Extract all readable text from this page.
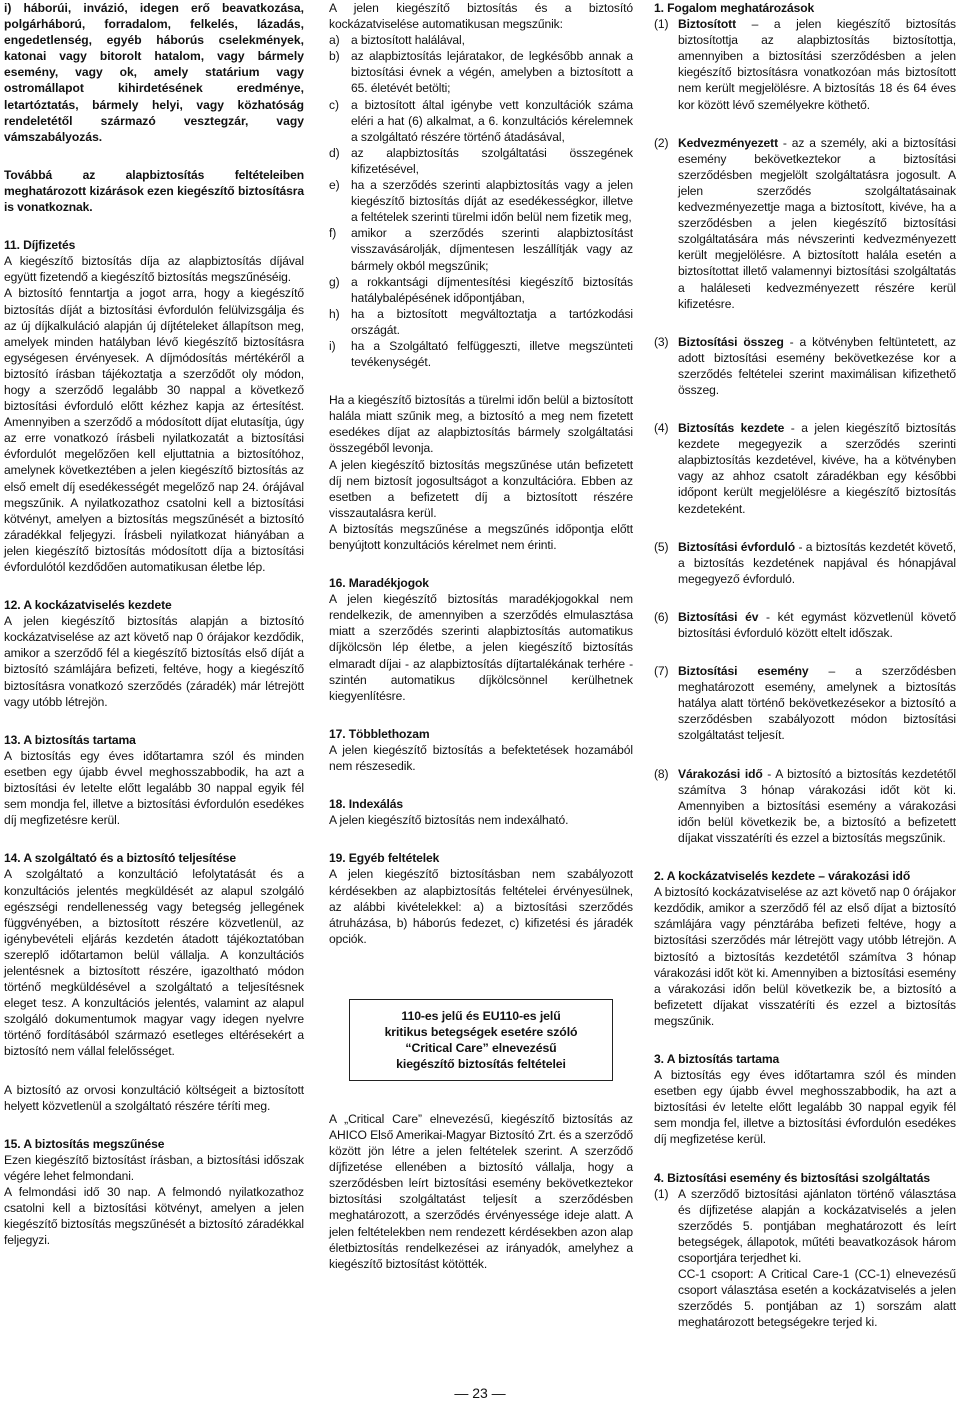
i) háborúi, invázió, idegen erő beavatkozása, polgárháború, forradalom, felkelés, lázadás, engedetlenség, egyéb háborús cselekmények, katonai vagy bitorolt hatalom, vagy bármely esemény, vagy ok, amely statárium vagy ostromállapot kihirdetésének eredménye, letartóztatás, bármely helyi, vagy közhatóság rendeletétől származó vesztegzár, vagy vámszabályozás.

Továbbá az alapbiztosítás feltételeiben meghatározott kizárások ezen kiegészítő biztosításra is vonatkoznak.

11. Díjfizetés

A kiegészítő biztosítás díja az alapbiztosítás díjával együtt fizetendő a kiegészítő biztosítás megszűnéséig.

A biztosító fenntartja a jogot arra, hogy a kiegészítő biztosítás díját a biztosítási évfordulón felülvizsgálja és az új díjkalkuláció alapján új díjtételeket állapítson meg, amelyek minden hatályban lévő kiegészítő biztosításra egységesen érvényesek. A díjmódosítás mértékéről a biztosító írásban tájékoztatja a szerződőt oly módon, hogy a szerződő legalább 30 nappal a következő biztosítási évforduló előtt kézhez kapja az értesítést. Amennyiben a szerződő a módosított díjat elutasítja, úgy az erre vonatkozó írásbeli nyilatkozatát a biztosítási évfordulót megelőzően kell eljuttatnia a biztosítóhoz, amelynek következtében a jelen kiegészítő biztosítás az első emelt díj esedékességét megelőző nap 24. órájával megszűnik. A nyilatkozathoz csatolni kell a biztosítási kötvényt, amelyen a biztosítás megszűnését a biztosító záradékkal feljegyzi. Írásbeli nyilatkozat hiányában a jelen kiegészítő biztosítás módosított díja a biztosítási évfordulótól kezdődően automatikusan életbe lép.

12. A kockázatviselés kezdete

A jelen kiegészítő biztosítás alapján a biztosító kockázatviselése az azt követő nap 0 órájakor kezdődik, amikor a szerződő fél a kiegészítő biztosítás első díját a biztosító számlájára befizeti, feltéve, hogy a kiegészítő biztosításra vonatkozó szerződés (záradék) már létrejött vagy utóbb létrejön.

13. A biztosítás tartama

A biztosítás egy éves időtartamra szól és minden esetben egy újabb évvel meghosszabbodik, ha azt a biztosítási év letelte előtt legalább 30 nappal egyik fél sem mondja fel, illetve a biztosítási évfordulón esedékes díj megfizetésre kerül.

14. A szolgáltató és a biztosító teljesítése

A szolgáltató a konzultáció lefolytatását és a konzultációs jelentés megküldését az alapul szolgáló egészségi rendellenesség vagy betegség jellegének függvényében, a biztosított részére közvetlenül, az igénybevételi eljárás kezdetén átadott tájékoztatóban szereplő időtartamon belül vállalja. A konzultációs jelentésnek a biztosított részére, igazoltható módon történő megküldésével a szolgáltató a teljesítésnek eleget tesz. A konzultációs jelentés, valamint az alapul szolgáló dokumentumok magyar vagy idegen nyelvre történő fordításából származó esetleges eltérésekért a biztosító nem vállal felelősséget.

A biztosító az orvosi konzultáció költségeit a biztosított helyett közvetlenül a szolgáltató részére téríti meg.

15. A biztosítás megszűnése

Ezen kiegészítő biztosítást írásban, a biztosítási időszak végére lehet felmondani.

A felmondási idő 30 nap. A felmondó nyilatkozathoz csatolni kell a biztosítási kötvényt, amelyen a jelen kiegészítő biztosítás megszűnését a biztosító záradékkal feljegyzi.

A jelen kiegészítő biztosítás és a biztosító kockázatviselése automatikusan megszűnik:

a) a biztosított halálával,
b) az alapbiztosítás lejáratakor, de legkésőbb annak a biztosítási évnek a végén, amelyben a biztosított a 65. életévét betölti;
c)	a biztosított által igénybe vett konzultációk száma eléri a hat (6) alkalmat, a 6. konzultációs kérelemnek a szolgáltató részére történő átadásával,
d) az alapbiztosítás szolgáltatási összegének kifizetésével,
e) ha a szerződés szerinti alapbiztosítás vagy a jelen kiegészítő biztosítás díját az esedékességkor, illetve a feltételek szerinti türelmi időn belül nem fizetik meg,
f)	amikor a szerződés szerinti alapbiztosítást visszavásárolják, díjmentesen leszállítják vagy az bármely okból megszűnik;
g) a rokkantsági díjmentesítési kiegészítő biztosítás hatálybalépésének időpontjában,
h) ha a biztosított megváltoztatja a tartózkodási országát.
i)	ha a Szolgáltató felfüggeszti, illetve megszünteti tevékenységét.

Ha a kiegészítő biztosítás a türelmi időn belül a biztosított halála miatt szűnik meg, a biztosító a meg nem fizetett esedékes díjat az alapbiztosítás bármely szolgáltatási összegéből levonja.

A jelen kiegészítő biztosítás megszűnése után befizetett díj nem biztosít jogosultságot a konzultációra. Ebben az esetben a befizetett díj a biztosított részére visszautalásra kerül.

A biztosítás megszűnése a megszűnés időpontja előtt benyújtott konzultációs kérelmet nem érinti.

16. Maradékjogok

A jelen kiegészítő biztosítás maradékjogokkal nem rendelkezik, de amennyiben a szerződés elmulasztása miatt a szerződés szerinti alapbiztosítás automatikus díjkölcsön lép életbe, a jelen kiegészítő biztosítás elmaradt díjai - az alapbiztosítás díjtartalékának terhére - szintén automatikus díjkölcsönnel kerülhetnek kiegyenlítésre.

17. Többlethozam

A jelen kiegészítő biztosítás a befektetések hozamából nem részesedik.

18. Indexálás

A jelen kiegészítő biztosítás nem indexálható.

19. Egyéb feltételek

A jelen kiegészítő biztosításban nem szabályozott kérdésekben az alapbiztosítás feltételei érvényesülnek, az alábbi kivételekkel: a) a biztosítási szerződés átruházása, b) háborús fedezet, c) kifizetési és járadék opciók.

110-es jelű és EU110-es jelű
kritikus betegségek esetére szóló
“Critical Care” elnevezésű
kiegészítő biztosítás feltételei

A „Critical Care” elnevezésű, kiegészítő biztosítás az AHICO Első Amerikai-Magyar Biztosító Zrt. és a szerződő között jön létre a jelen feltételek szerint. A szerződő díjfizetése ellenében a biztosító vállalja, hogy a szerződésben leírt biztosítási esemény bekövetkeztekor biztosítási szolgáltatást teljesít a szerződésben meghatározott, a szerződés érvényessége ideje alatt. A jelen feltételekben nem rendezett kérdésekben azon alap életbiztosítás rendelkezései az irányadók, amelyhez a kiegészítő biztosítást kötötték.

1. Fogalom meghatározások

(1) Biztosított – a jelen kiegészítő biztosítás biztosítottja az alapbiztosítás biztosítottja, amennyiben a biztosítási szerződésben a jelen kiegészítő biztosításra vonatkozóan más biztosított nem került megjelölésre. A biztosítás 18 és 64 éves kor között lévő személyekre köthető.
(2) Kedvezményezett - az a személy, aki a biztosítási esemény bekövetkeztekor a biztosítási szerződésben megjelölt szolgáltatásra jogosult. A jelen szerződés szolgáltatásainak kedvezményezettje maga a biztosított, kivéve, ha a szerződésben a jelen kiegészítő biztosítási szolgáltatására más névszerinti kedvezményezett került megjelölésre. A biztosított halála esetén a biztosítottat illető valamennyi biztosítási szolgáltatás a haláleseti kedvezményezett részére kerül kifizetésre.
(3) Biztosítási összeg - a kötvényben feltüntetett, az adott biztosítási esemény bekövetkezése kor a szerződés feltételei szerint maximálisan kifizethető összeg.
(4) Biztosítás kezdete - a jelen kiegészítő biztosítás kezdete megegyezik a szerződés szerinti alapbiztosítás kezdetével, kivéve, ha a kötvényben vagy az ahhoz csatolt záradékban egy későbbi időpont került megjelölésre a kiegészítő biztosítás kezdeteként.
(5) Biztosítási évforduló - a biztosítás kezdetét követő, a biztosítás kezdetének napjával és hónapjával megegyező évforduló.
(6) Biztosítási év - két egymást közvetlenül követő biztosítási évforduló között eltelt időszak.
(7) Biztosítási esemény – a szerződésben meghatározott esemény, amelynek a biztosítás hatálya alatt történő bekövetkezésekor a biztosító a szerződésben szabályozott módon biztosítási szolgáltatást teljesít.
(8) Várakozási idő - A biztosító a biztosítás kezdetétől számítva 3 hónap várakozási időt köt ki. Amennyiben a biztosítási esemény a várakozási időn belül következik be, a biztosító a befizetett díjakat visszatéríti és ezzel a biztosítás megszűnik.

2. A kockázatviselés kezdete – várakozási idő

A biztosító kockázatviselése az azt követő nap 0 órájakor kezdődik, amikor a szerződő fél az első díjat a biztosító számlájára vagy pénztárába befizeti feltéve, hogy a biztosítási szerződés már létrejött vagy utóbb létrejön. A biztosító a biztosítás kezdetétől számítva 3 hónap várakozási időt köt ki. Amennyiben a biztosítási esemény a várakozási időn belül következik be, a biztosító a befizetett díjakat visszatéríti és ezzel a biztosítás megszűnik.

3. A biztosítás tartama

A biztosítás egy éves időtartamra szól és minden esetben egy újabb évvel meghosszabbodik, ha azt a biztosítási év letelte előtt legalább 30 nappal egyik fél sem mondja fel, illetve a biztosítási évfordulón esedékes díj megfizetése kerül.

4. Biztosítási esemény és biztosítási szolgáltatás

(1) A szerződő biztosítási ajánlaton történő választása és díjfizetése alapján a kockázatviselés a jelen szerződés 5. pontjában meghatározott és leírt betegségek, állapotok, műtéti beavatkozások három csoportjára terjedhet ki.

CC-1 csoport: A Critical Care-1 (CC-1) elnevezésű csoport választása esetén a kockázatviselés a jelen szerződés 5. pontjában az 1) sorszám alatt meghatározott betegségekre terjed ki.

— 23 —
